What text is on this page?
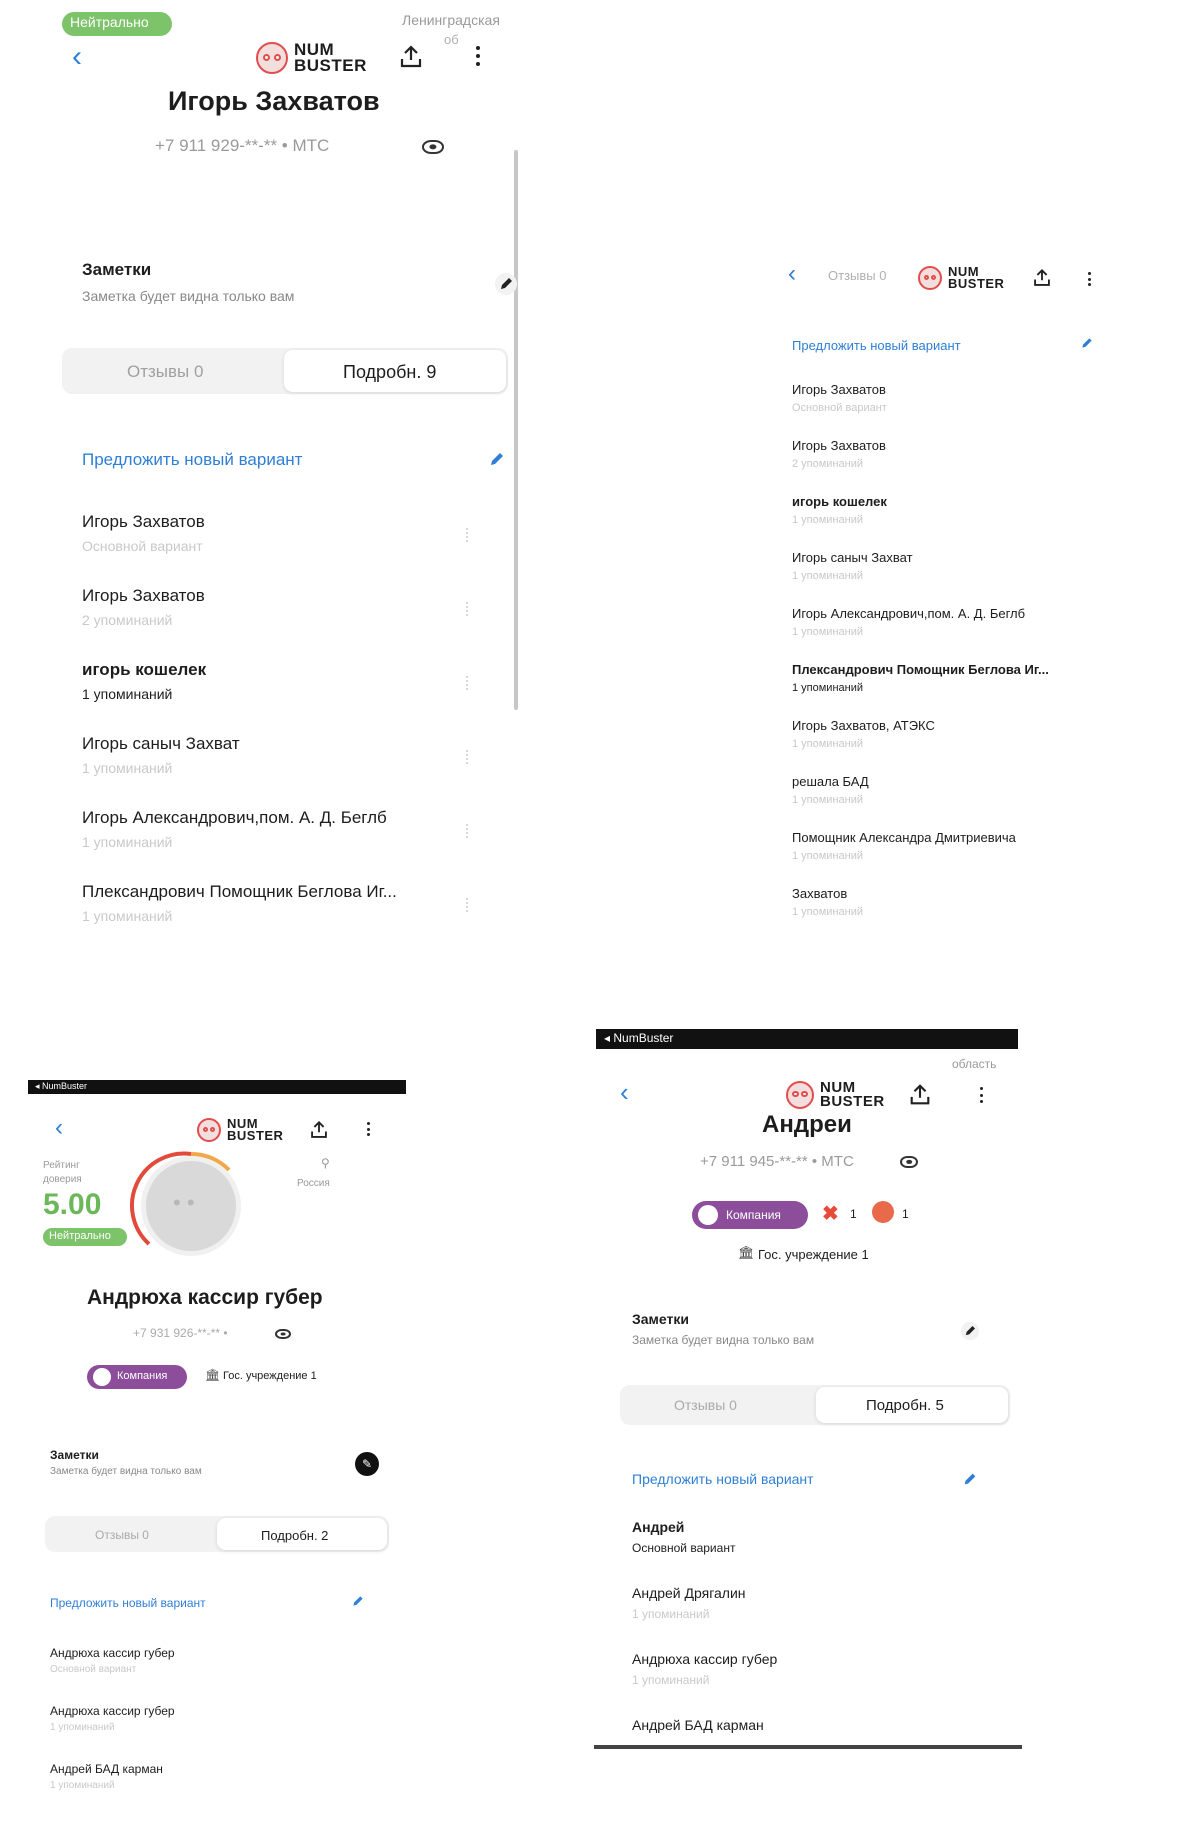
Нейтрально	Ленинградская
об
‹	NUM
BUSTER
Игорь Захватов
+7 911 929-**-** • МТС
Заметки
Заметка будет видна только вам
Отзывы 0	Подробн. 9
Предложить новый вариант
Игорь Захватов
Основной вариант
Игорь Захватов
2 упоминаний
игорь кошелек
1 упоминаний
Игорь саныч Захват
1 упоминаний
Игорь Александрович,пом. А. Д. Беглб
1 упоминаний
Плександрович Помощник Беглова Иг...
1 упоминаний
‹ Отзывы 0	NUM
BUSTER
Предложить новый вариант
Игорь Захватов
Основной вариант
Игорь Захватов
2 упоминаний
игорь кошелек
1 упоминаний
Игорь саныч Захват
1 упоминаний
Игорь Александрович,пом. А. Д. Беглб
1 упоминаний
Плександрович Помощник Беглова Иг...
1 упоминаний
Игорь Захватов, АТЭКС
1 упоминаний
решала БАД
1 упоминаний
Помощник Александра Дмитриевича
1 упоминаний
Захватов
1 упоминаний
◂ NumBuster
‹	NUM
BUSTER
Рейтинг
доверия
5.00
Нейтрально
• •
⚲
Россия
Андрюха кассир губер
+7 931 926-**-** •
Компания	🏛 Гос. учреждение 1
Заметки
Заметка будет видна только вам
✎
Отзывы 0	Подробн. 2
Предложить новый вариант
Андрюха кассир губер
Основной вариант
Андрюха кассир губер
1 упоминаний
Андрей БАД карман
1 упоминаний
◂ NumBuster
область
‹	NUM
BUSTER
Андреи
+7 911 945-**-** • МТС
Компания ✖ 1	1
🏛 Гос. учреждение 1
Заметки
Заметка будет видна только вам
Отзывы 0	Подробн. 5
Предложить новый вариант
Андрей
Основной вариант
Андрей Дрягалин
1 упоминаний
Андрюха кассир губер
1 упоминаний
Андрей БАД карман
